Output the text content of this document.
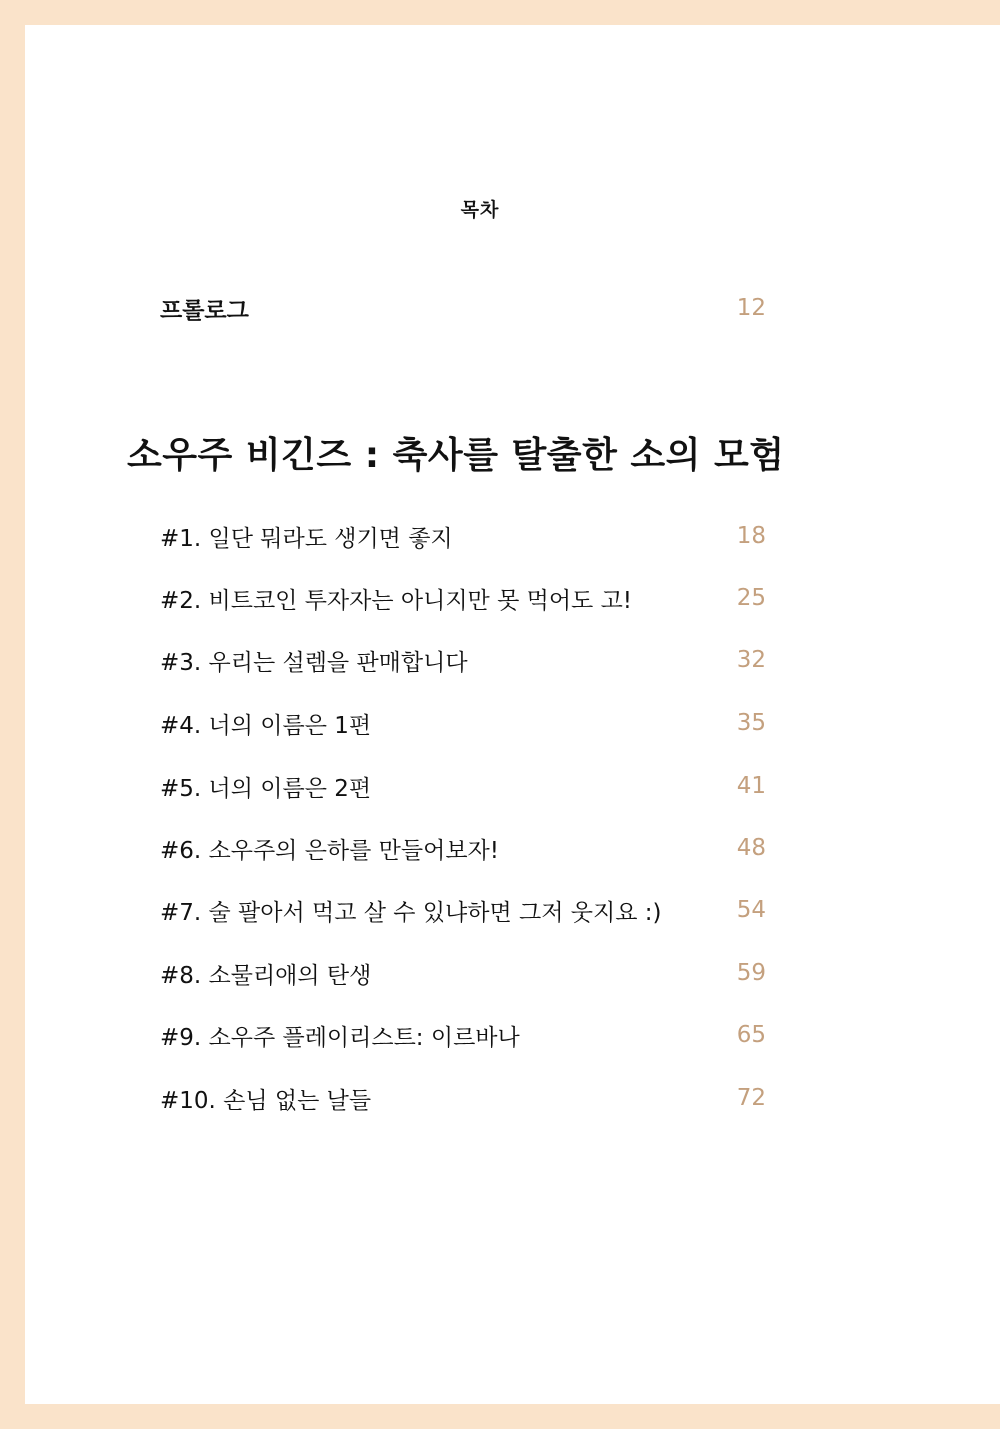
목차
프롤로그	12
소우주 비긴즈 : 축사를 탈출한 소의 모험
#1. 일단 뭐라도 생기면 좋지	18
#2. 비트코인 투자자는 아니지만 못 먹어도 고!	25
#3. 우리는 설렘을 판매합니다	32
#4. 너의 이름은 1편	35
#5. 너의 이름은 2편	41
#6. 소우주의 은하를 만들어보자!	48
#7. 술 팔아서 먹고 살 수 있냐하면 그저 웃지요 :)	54
#8. 소물리애의 탄생	59
#9. 소우주 플레이리스트: 이르바나	65
#10. 손님 없는 날들	72
